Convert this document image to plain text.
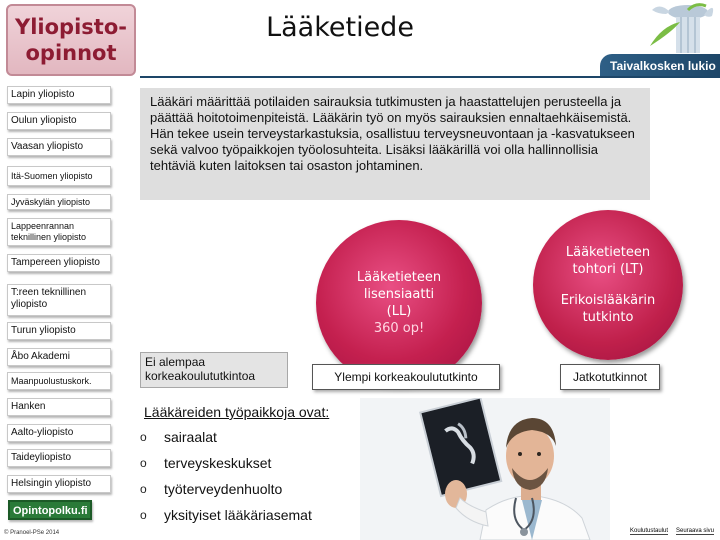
Yliopisto-
opinnot
Lääketiede
Taivalkosken lukio
Lapin yliopisto
Oulun yliopisto
Vaasan yliopisto
Itä-Suomen yliopisto
Jyväskylän yliopisto
Lappeenrannan teknillinen yliopisto
Tampereen yliopisto
T:reen teknillinen yliopisto
Turun yliopisto
Åbo Akademi
Maanpuolustuskork.
Hanken
Aalto-yliopisto
Taideyliopisto
Helsingin yliopisto
Opintopolku.fi
© Pranoel-PSe 2014
Lääkäri määrittää potilaiden sairauksia tutkimusten ja haastattelujen perusteella ja päättää hoitotoimenpiteistä. Lääkärin työ on myös sairauksien ennaltaehkäisemistä. Hän tekee usein terveystarkastuksia, osallistuu terveysneuvontaan ja -kasvatukseen sekä valvoo työpaikkojen työolosuhteita. Lisäksi lääkärillä voi olla hallinnollisia tehtäviä kuten laitoksen tai osaston johtaminen.
Lääketieteen
lisensiaatti
(LL)
360 op!
Lääketieteen
tohtori (LT)
Erikoislääkärin
tutkinto
Ei alempaa korkeakoulututkintoa	Ylempi korkeakoulututkinto	Jatkotutkinnot
Lääkäreiden työpaikkoja ovat:
o	sairaalat
o	terveyskeskukset
o	työterveydenhuolto
o	yksityiset lääkäriasemat
Koulutustaulut Seuraava sivu
